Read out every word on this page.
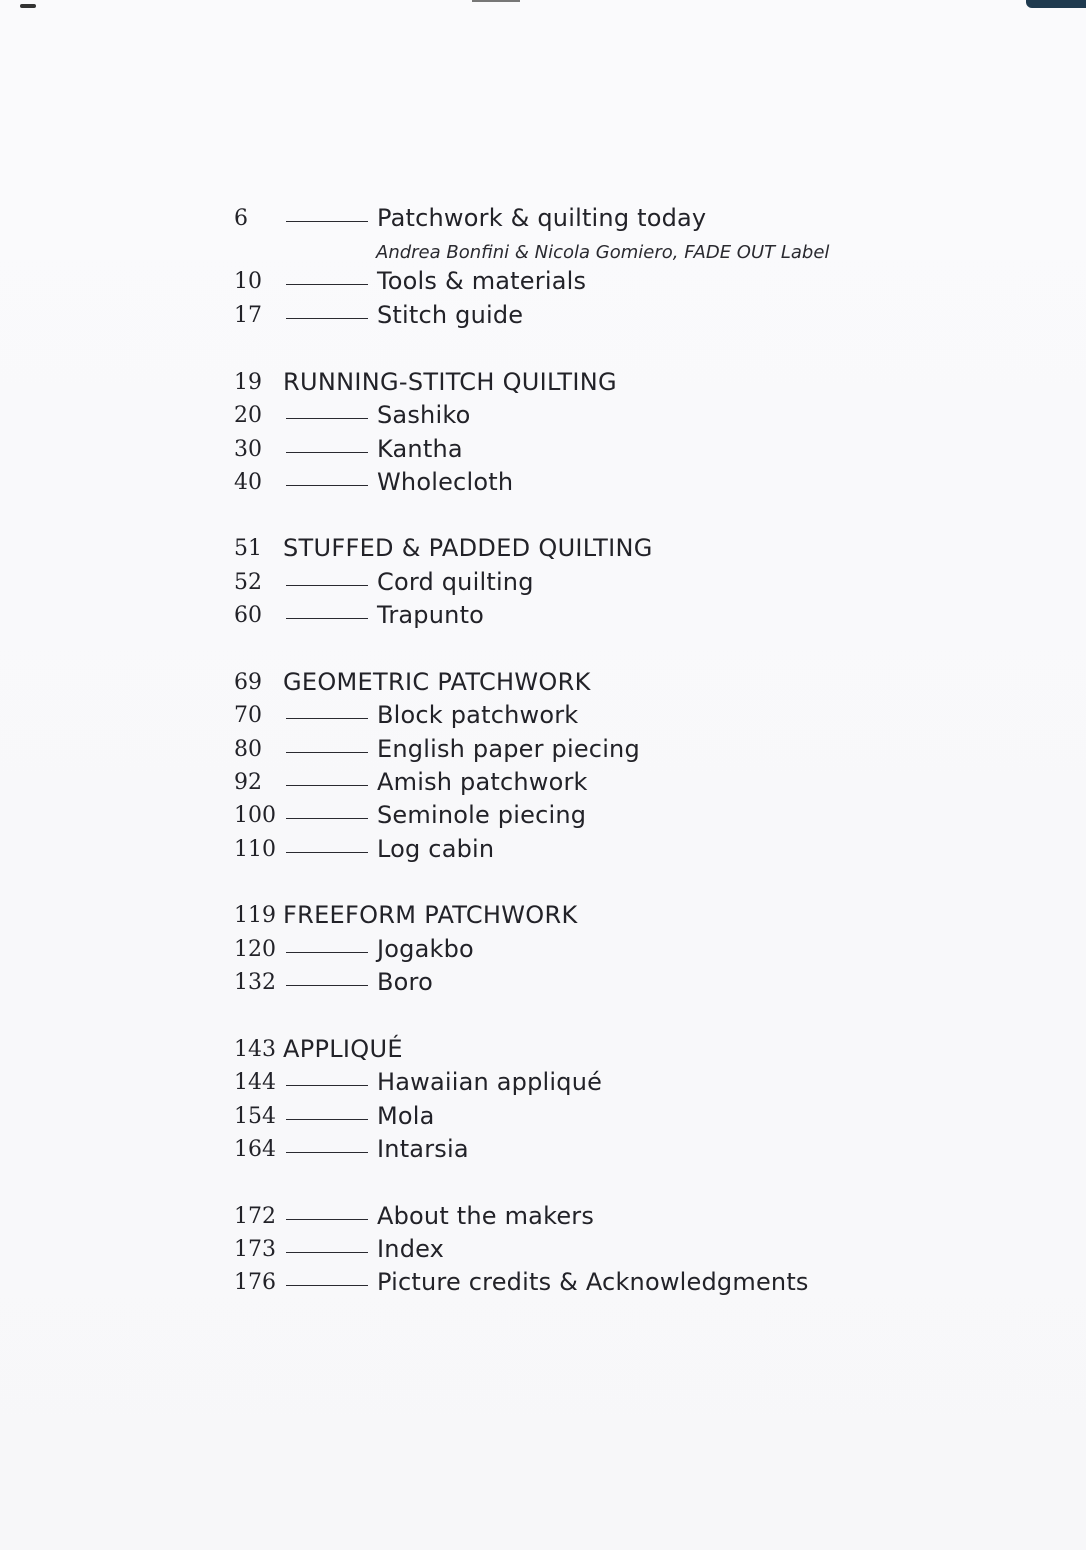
6	Patchwork & quilting today
Andrea Bonfini & Nicola Gomiero, FADE OUT Label
10	Tools & materials
17	Stitch guide
19 RUNNING-STITCH QUILTING
20	Sashiko
30	Kantha
40	Wholecloth
51 STUFFED & PADDED QUILTING
52	Cord quilting
60	Trapunto
69 GEOMETRIC PATCHWORK
70	Block patchwork
80	English paper piecing
92	Amish patchwork
100	Seminole piecing
110	Log cabin
119 FREEFORM PATCHWORK
120	Jogakbo
132	Boro
143 APPLIQUÉ
144	Hawaiian appliqué
154	Mola
164	Intarsia
172	About the makers
173	Index
176	Picture credits & Acknowledgments
